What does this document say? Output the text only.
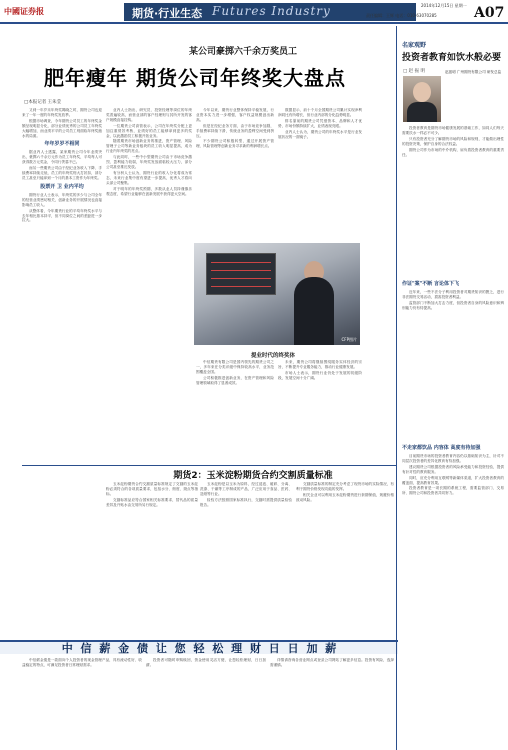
中國证券报	期货·行业生态 Futures Industry	2014年12月15日 星期一
责任编辑：王辉 电话：010-63070285	A07
某公司豪掷六千余万奖员工
肥年瘦年 期货公司年终奖大盘点
□本报记者 王朱莹

又到一年岁末年终奖揭晓之时，期货公司也迎来了一年一度的年终奖发放季。

根据市场调查，今年期货公司员工的年终奖金额呈现明显分化，部分业绩优秀的公司员工年终奖大幅增加，而业绩平平的公司员工则面临年终奖缩水的局面。

年年岁岁不相同

据业内人士透露，某家期货公司今年业绩突出，豪掷六千余万元作为员工年终奖，平均每人可获得数万元奖金，令同行羡慕不已。

而另一些期货公司由于经纪业务收入下降、手续费率持续走低，员工的年终奖则大打折扣，部分员工甚至只能拿到一个月的基本工资作为年终奖。

股票开 卫 业内平均

期货行业人士表示，年终奖的多少与公司全年的经营业绩密切相关，创新业务的开展情况也直接影响员工收入。

从整体看，今年期货行业的平均年终奖水平与去年相比基本持平，但不同岗位之间的差距进一步拉大。

业内人士指出，研究员、投资经理等岗位的年终奖普遍较高，而营业部的客户经理则与其所开发的客户规模直接挂钩。

一位期货公司高管表示，公司在年终奖分配上更加注重绩效考核，业绩好的员工能够拿到更多的奖金，以此激励员工积极开拓业务。

随着期货市场创新业务的推进，资产管理、风险管理子公司等新业务板块的员工收入明显提高，成为行业内年终奖的亮点。

与此同时，一些中小型期货公司由于市场竞争激烈、盈利能力较弱，年终奖发放面临较大压力，部分公司甚至推迟发放。

有分析人士认为，期货行业的收入分化将成为常态，未来行业集中度有望进一步提高，优秀人才将向头部公司聚集。

对于明年的年终奖预期，多数从业人员持谨慎乐观态度，希望行业能够在创新发展中获得更大空间。

今年以来，期货行业整体保持平稳发展，行业资本实力进一步增强，客户权益规模创出新高。

但是在经纪业务方面，由于市场竞争加剧，手续费率持续下滑，传统业务的盈利空间受到挤压。

不少期货公司积极转型，通过开展资产管理、风险管理等创新业务寻求新的利润增长点。

数据显示，前十个月全国期货公司累计实现净利润同比有所增长，但行业内部的分化趋势明显。

排名靠前的期货公司凭借资本、品牌和人才优势，市场份额持续扩大，业绩表现亮眼。

业内人士认为，期货公司的年终奖水平是行业发展状况的一面镜子。

CFP图片
提业时代的终奖体

中信期货有限公司是国内领先的期货公司之一，多年来在分类评级中保持较高水平，业务范围覆盖全国。

公司积极推进创新业务，在资产管理和风险管理领域取得了显著成效。

未来，期货公司将继续围绕服务实体经济的宗旨，不断提升专业服务能力，推动行业健康发展。

市场人士表示，期货行业仍处于发展的初级阶段，发展空间十分广阔。

期货2：玉米淀粉期货合约交割质量标准

玉米淀粉期货合约交割质量标准规定了交割的玉米淀粉必须符合的各项质量要求，包括水分、细度、斑点等指标。

交割标准品应符合国家相关标准要求，替代品的质量差异及升贴水由交易所另行规定。

玉米淀粉是以玉米为原料，经过浸泡、破碎、分离、洗涤、干燥等工序制成的产品，广泛应用于食品、医药、造纸等行业。

检验方法按照国家标准执行，交割时需提供质量检验报告。

交割质量标准的制定充分考虑了现货市场的实际情况，有利于期货价格发现功能的发挥。

相关企业可以利用玉米淀粉期货进行套期保值，规避价格波动风险。

中 信 薪 金 债 让 您 轻 松 理 财 日 日 加 薪

中信薪金债是一款面向个人投资者的现金管理产品，具有流动性好、收益稳定的特点，可满足投资者日常理财需求。

投资者可随时申购赎回，资金使用灵活方便，让您轻松理财，日日加薪。

详情请咨询各营业网点或登录公司网站了解更多信息。投资有风险，选择需谨慎。

名家观野
投资者教育如饮水般必要
□ 赵 振 明	赵振明 广州期货有限公司 研发总监

投资者教育是期货市场健康发展的基础工作，如同人们每天需要饮水一样必不可少。

只有投资者充分了解期货市场的风险和规则，才能做出理性的投资决策，保护自身的合法权益。

期货公司作为市场的中介机构，肩负着投资者教育的重要责任。

作证"案"不断 言论体下飞

近年来，一些不法分子利用投资者对期货知识的匮乏，进行非法期货交易活动，损害投资者利益。

监管部门不断加大打击力度，但投资者自身的风险意识和辨别能力仍有待提高。

不走家都饮品 内容体 高度有待加强

目前期货市场的投资者教育内容仍以基础知识为主，针对不同层次投资者的差异化教育有待加强。

建议期货公司根据投资者的风险承受能力和投资经验，提供有针对性的教育服务。

同时，应充分利用互联网等新媒体渠道，扩大投资者教育的覆盖面，提高教育效果。

投资者教育是一项长期的系统工程，需要监管部门、交易所、期货公司和投资者共同努力。
